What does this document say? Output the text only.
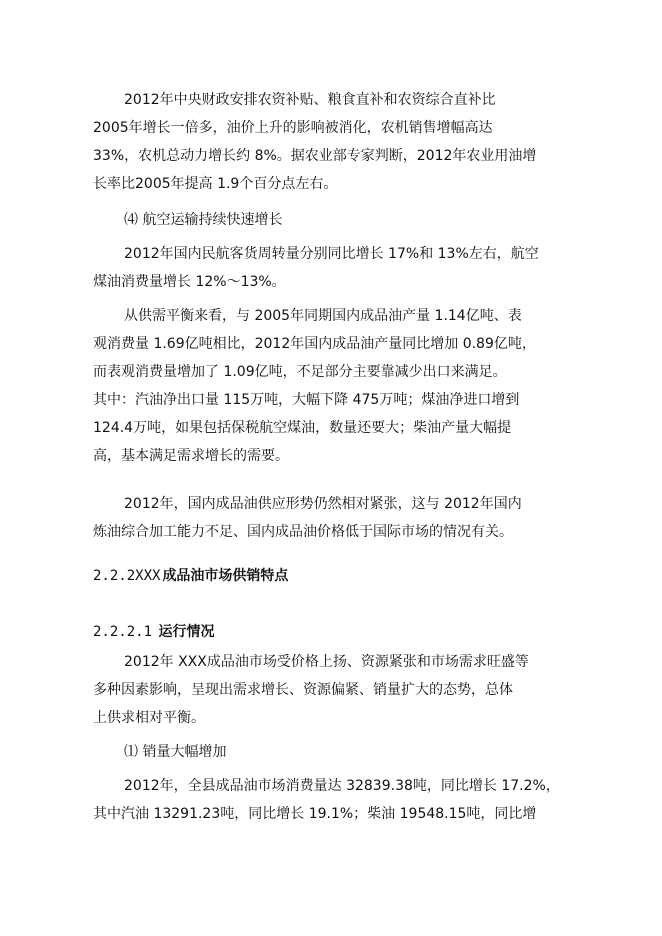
2012年中央财政安排农资补贴、粮食直补和农资综合直补比
2005年增长一倍多，油价上升的影响被消化，农机销售增幅高达
33%，农机总动力增长约 8%。据农业部专家判断，2012年农业用油增
长率比2005年提高 1.9个百分点左右。
⑷ 航空运输持续快速增长
2012年国内民航客货周转量分别同比增长 17%和 13%左右，航空
煤油消费量增长 12%～13%。
从供需平衡来看，与 2005年同期国内成品油产量 1.14亿吨、表
观消费量 1.69亿吨相比，2012年国内成品油产量同比增加 0.89亿吨，
而表观消费量增加了 1.09亿吨，不足部分主要靠减少出口来满足。
其中：汽油净出口量 115万吨，大幅下降 475万吨；煤油净进口增到
124.4万吨，如果包括保税航空煤油，数量还要大；柴油产量大幅提
高，基本满足需求增长的需要。
2012年，国内成品油供应形势仍然相对紧张，这与 2012年国内
炼油综合加工能力不足、国内成品油价格低于国际市场的情况有关。
2.2.2XXX 成品油市场供销特点
2.2.2.1 运行情况
2012年 XXX成品油市场受价格上扬、资源紧张和市场需求旺盛等
多种因素影响，呈现出需求增长、资源偏紧、销量扩大的态势，总体
上供求相对平衡。
⑴ 销量大幅增加
2012年，全县成品油市场消费量达 32839.38吨，同比增长 17.2%，
其中汽油 13291.23吨，同比增长 19.1%；柴油 19548.15吨，同比增
